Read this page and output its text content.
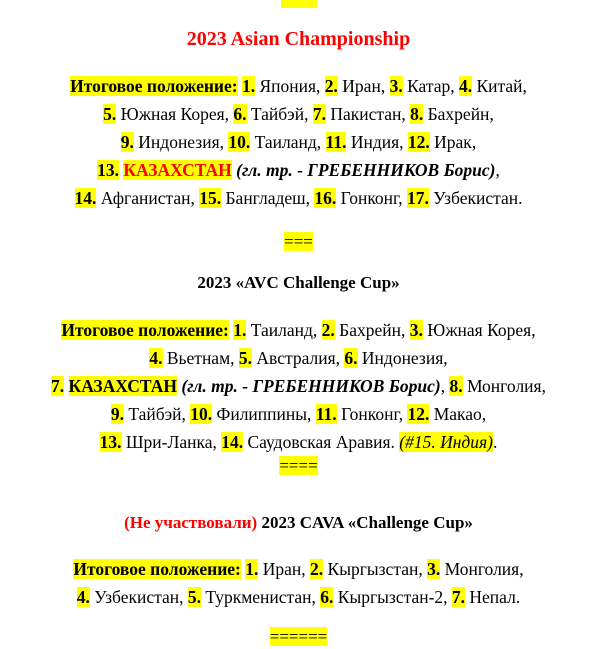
2023 Asian Championship
Итоговое положение: 1. Япония, 2. Иран, 3. Катар, 4. Китай,
5. Южная Корея, 6. Тайбэй, 7. Пакистан, 8. Бахрейн,
9. Индонезия, 10. Таиланд, 11. Индия, 12. Ирак,
13. КАЗАХСТАН (гл. тр. - ГРЕБЕННИКОВ Борис),
14. Афганистан, 15. Бангладеш, 16. Гонконг, 17. Узбекистан.
===
2023 «AVC Challenge Cup»
Итоговое положение: 1. Таиланд, 2. Бахрейн, 3. Южная Корея,
4. Вьетнам, 5. Австралия, 6. Индонезия,
7. КАЗАХСТАН (гл. тр. - ГРЕБЕННИКОВ Борис), 8. Монголия,
9. Тайбэй, 10. Филиппины, 11. Гонконг, 12. Макао,
13. Шри-Ланка, 14. Саудовская Аравия. (#15. Индия).
====
(Не участвовали) 2023 CAVA «Challenge Cup»
Итоговое положение: 1. Иран, 2. Кыргызстан, 3. Монголия,
4. Узбекистан, 5. Туркменистан, 6. Кыргызстан-2, 7. Непал.
======
